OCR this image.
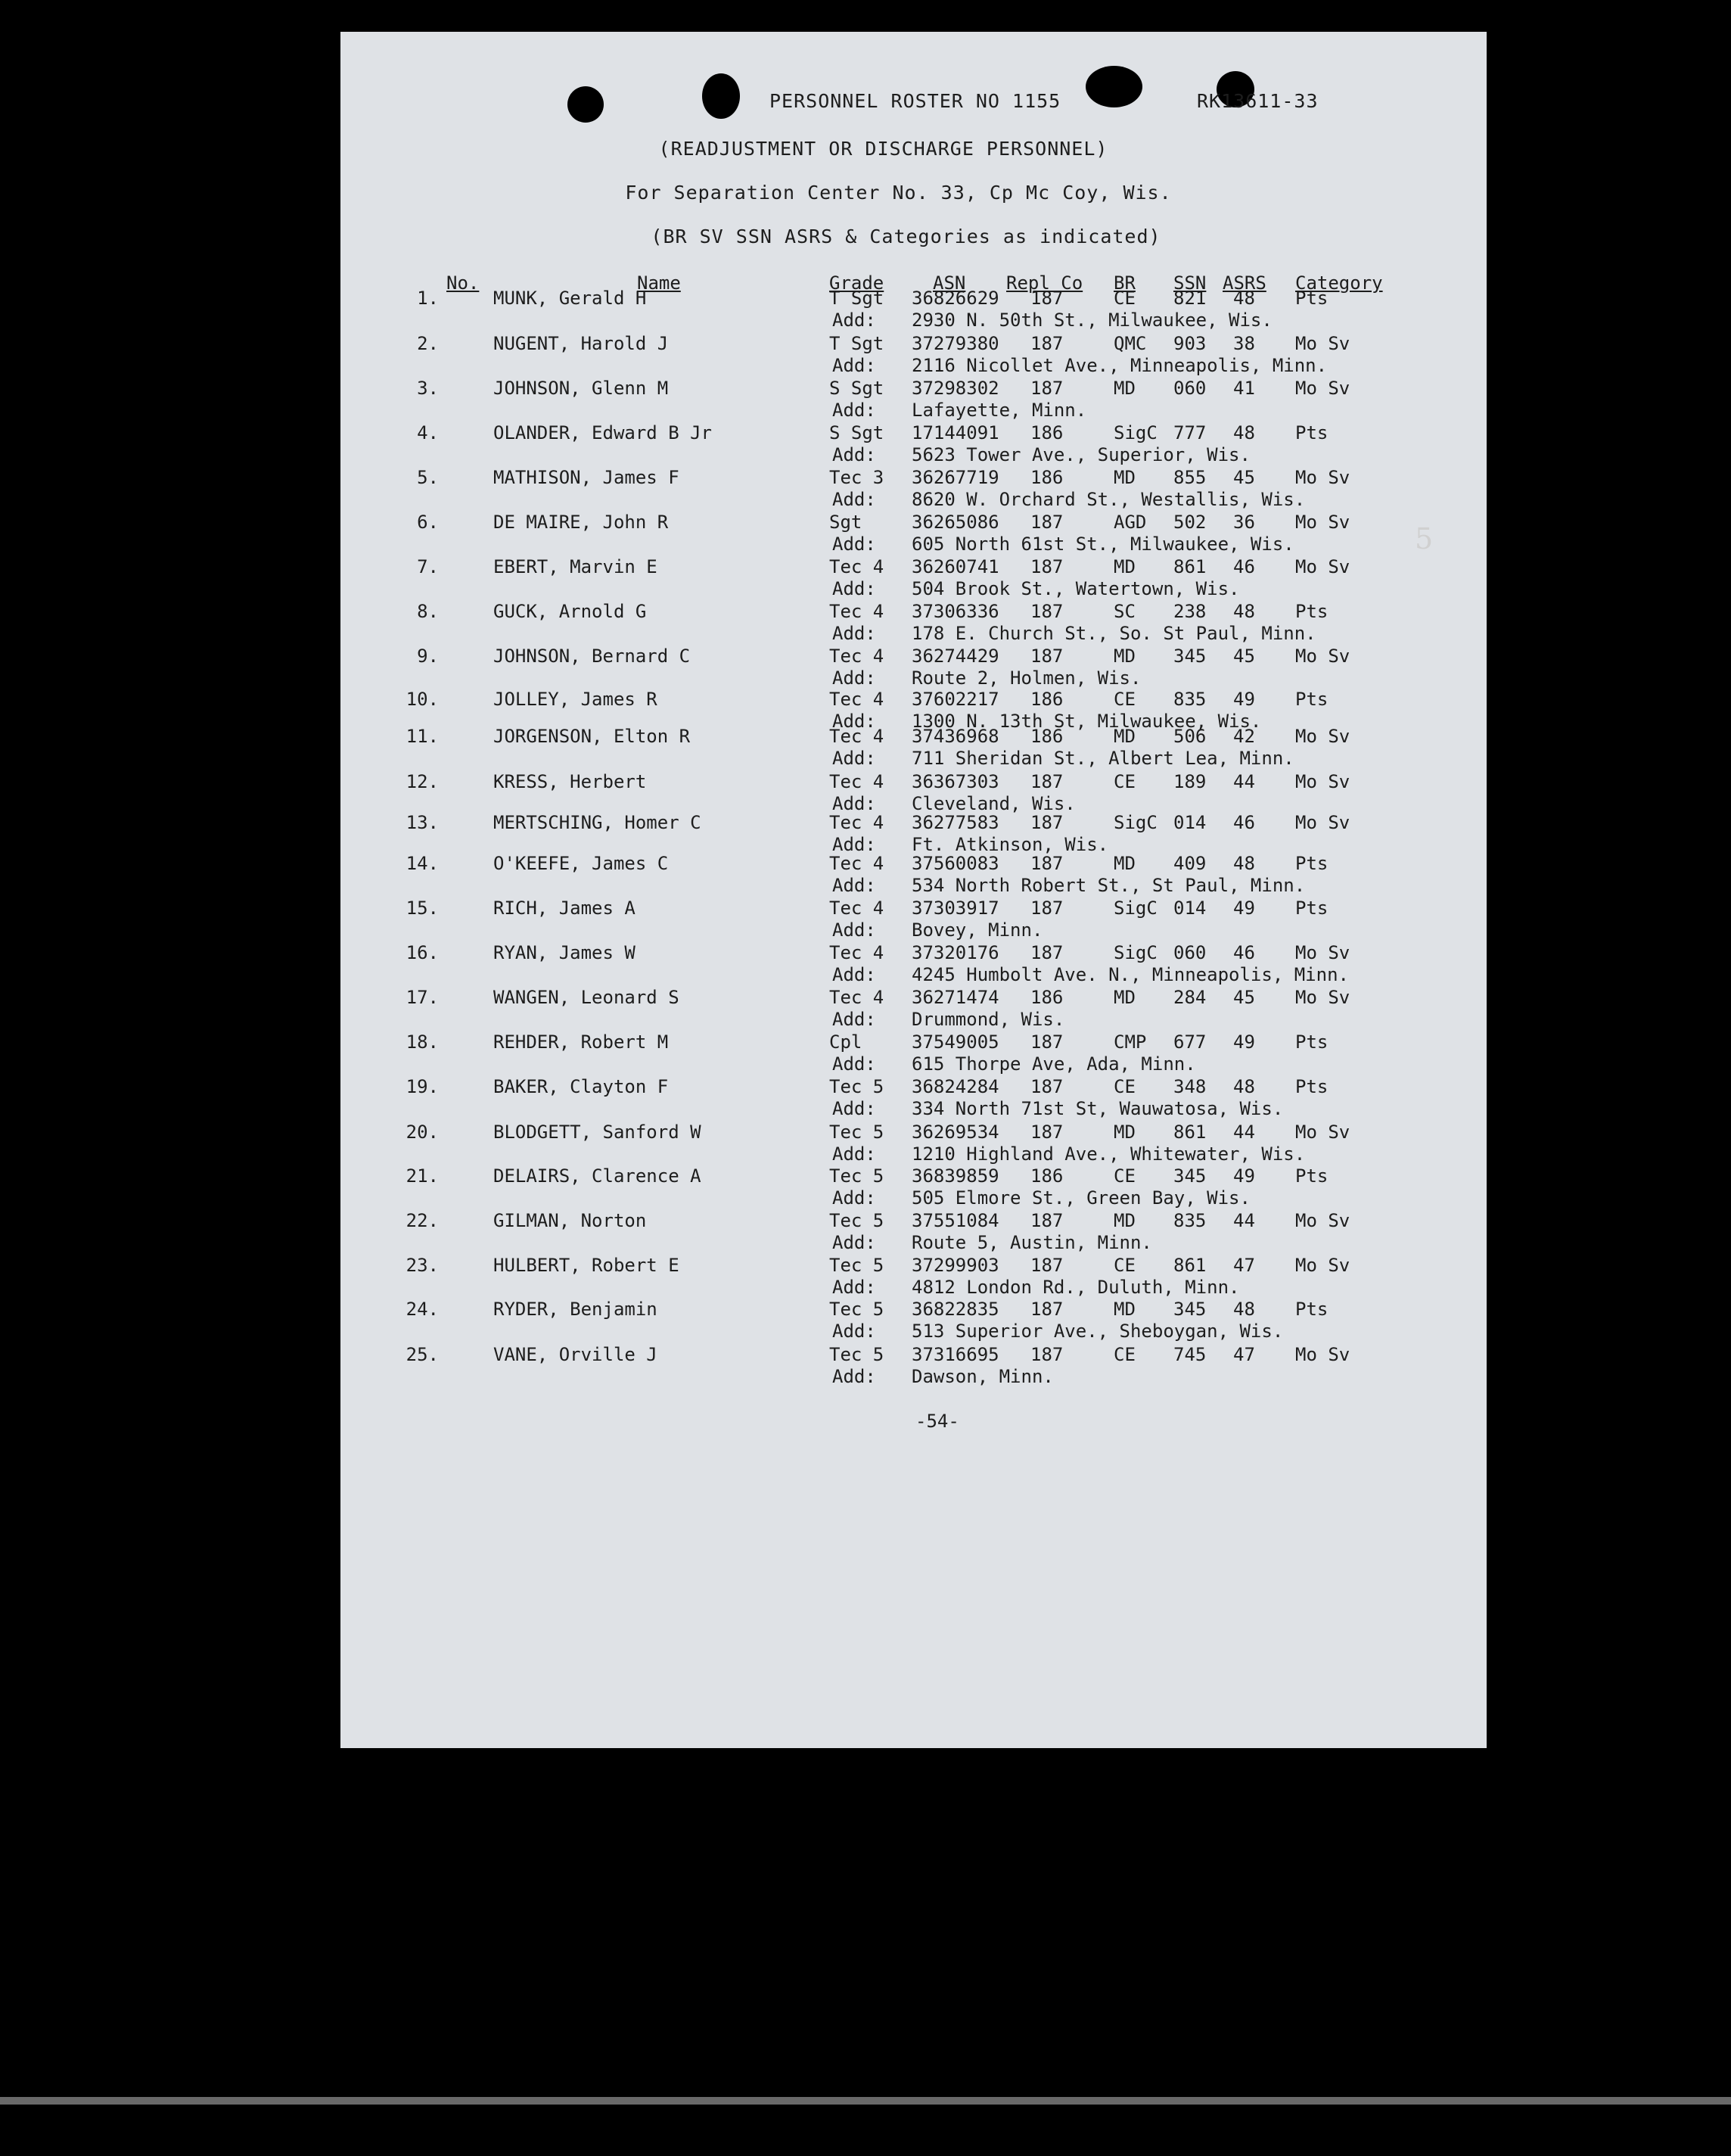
PERSONNEL ROSTER NO 1155	RK13611-33
(READJUSTMENT OR DISCHARGE PERSONNEL)
For Separation Center No. 33, Cp Mc Coy, Wis.
(BR SV SSN ASRS & Categories as indicated)
No.	Name	Grade	ASN Repl Co BR SSN ASRS Category
1.	MUNK, Gerald H	T Sgt 36826629 187	CE 821 48 Pts
Add: 2930 N. 50th St., Milwaukee, Wis.
2.	NUGENT, Harold J	T Sgt 37279380 187	QMC 903 38 Mo Sv
Add: 2116 Nicollet Ave., Minneapolis, Minn.
3.	JOHNSON, Glenn M	S Sgt 37298302 187	MD 060 41 Mo Sv
Add: Lafayette, Minn.
4.	OLANDER, Edward B Jr	S Sgt 17144091 186	SigC 777 48 Pts
Add: 5623 Tower Ave., Superior, Wis.
5.	MATHISON, James F	Tec 3 36267719 186	MD 855 45 Mo Sv
Add: 8620 W. Orchard St., Westallis, Wis.
6.	DE MAIRE, John R	Sgt	36265086 187	AGD 502 36 Mo Sv
Add: 605 North 61st St., Milwaukee, Wis.
7.	EBERT, Marvin E	Tec 4 36260741 187	MD 861 46 Mo Sv
Add: 504 Brook St., Watertown, Wis.
8.	GUCK, Arnold G	Tec 4 37306336 187	SC 238 48 Pts
Add: 178 E. Church St., So. St Paul, Minn.
9.	JOHNSON, Bernard C	Tec 4 36274429 187	MD 345 45 Mo Sv
Add: Route 2, Holmen, Wis.
10.	JOLLEY, James R	Tec 4 37602217 186	CE 835 49 Pts
Add: 1300 N. 13th St, Milwaukee, Wis.
11.	JORGENSON, Elton R	Tec 4 37436968 186	MD 506 42 Mo Sv
Add: 711 Sheridan St., Albert Lea, Minn.
12.	KRESS, Herbert	Tec 4 36367303 187	CE 189 44 Mo Sv
Add: Cleveland, Wis.
13.	MERTSCHING, Homer C	Tec 4 36277583 187	SigC 014 46 Mo Sv
Add: Ft. Atkinson, Wis.
14.	O'KEEFE, James C	Tec 4 37560083 187	MD 409 48 Pts
Add: 534 North Robert St., St Paul, Minn.
15.	RICH, James A	Tec 4 37303917 187	SigC 014 49 Pts
Add: Bovey, Minn.
16.	RYAN, James W	Tec 4 37320176 187	SigC 060 46 Mo Sv
Add: 4245 Humbolt Ave. N., Minneapolis, Minn.
17.	WANGEN, Leonard S	Tec 4 36271474 186	MD 284 45 Mo Sv
Add: Drummond, Wis.
18.	REHDER, Robert M	Cpl	37549005 187	CMP 677 49 Pts
Add: 615 Thorpe Ave, Ada, Minn.
19.	BAKER, Clayton F	Tec 5 36824284 187	CE 348 48 Pts
Add: 334 North 71st St, Wauwatosa, Wis.
20.	BLODGETT, Sanford W	Tec 5 36269534 187	MD 861 44 Mo Sv
Add: 1210 Highland Ave., Whitewater, Wis.
21.	DELAIRS, Clarence A	Tec 5 36839859 186	CE 345 49 Pts
Add: 505 Elmore St., Green Bay, Wis.
22.	GILMAN, Norton	Tec 5 37551084 187	MD 835 44 Mo Sv
Add: Route 5, Austin, Minn.
23.	HULBERT, Robert E	Tec 5 37299903 187	CE 861 47 Mo Sv
Add: 4812 London Rd., Duluth, Minn.
24.	RYDER, Benjamin	Tec 5 36822835 187	MD 345 48 Pts
Add: 513 Superior Ave., Sheboygan, Wis.
25.	VANE, Orville J	Tec 5 37316695 187	CE 745 47 Mo Sv
Add: Dawson, Minn.
-54-
5
